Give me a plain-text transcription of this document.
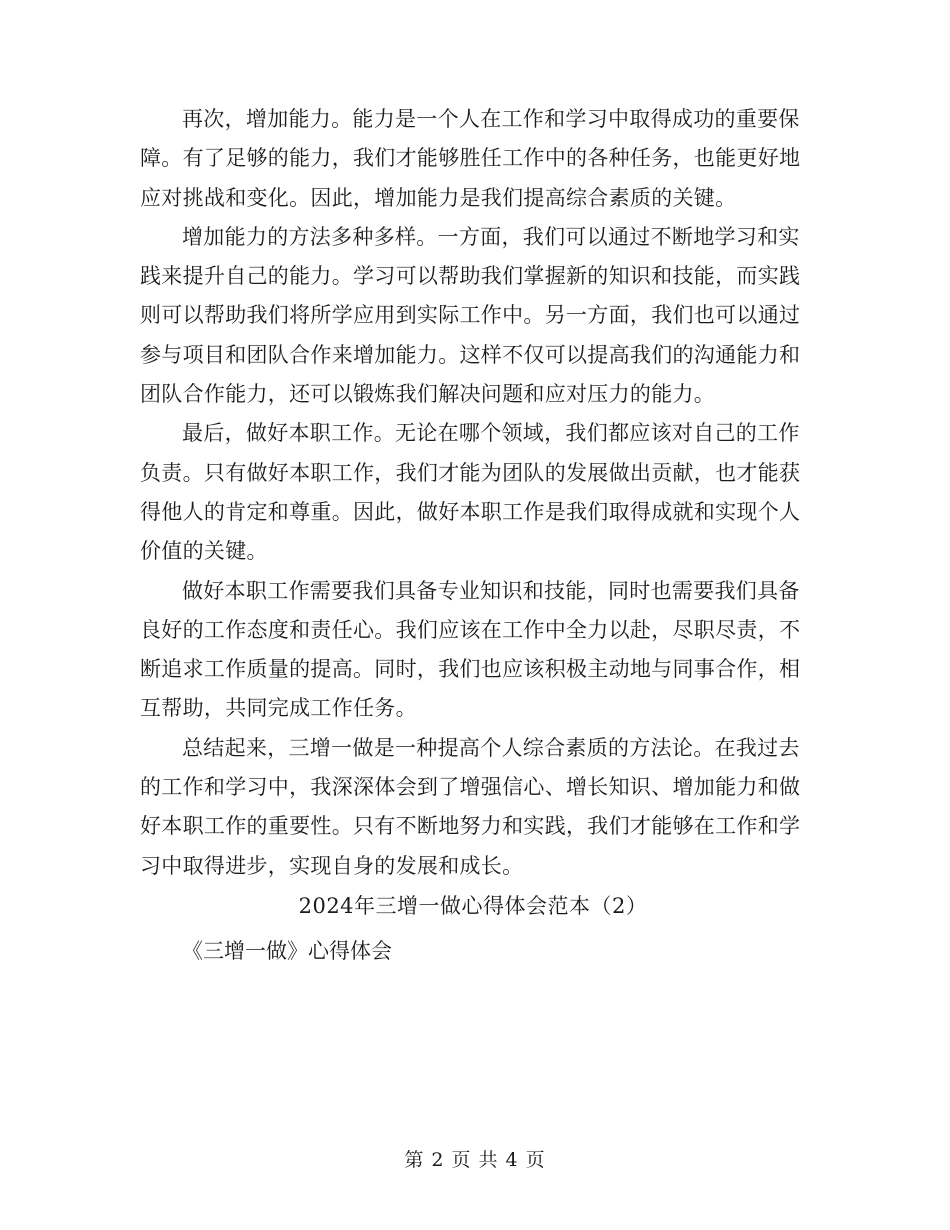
再次，增加能力。能力是一个人在工作和学习中取得成功的重要保障。有了足够的能力，我们才能够胜任工作中的各种任务，也能更好地应对挑战和变化。因此，增加能力是我们提高综合素质的关键。

增加能力的方法多种多样。一方面，我们可以通过不断地学习和实践来提升自己的能力。学习可以帮助我们掌握新的知识和技能，而实践则可以帮助我们将所学应用到实际工作中。另一方面，我们也可以通过参与项目和团队合作来增加能力。这样不仅可以提高我们的沟通能力和团队合作能力，还可以锻炼我们解决问题和应对压力的能力。

最后，做好本职工作。无论在哪个领域，我们都应该对自己的工作负责。只有做好本职工作，我们才能为团队的发展做出贡献，也才能获得他人的肯定和尊重。因此，做好本职工作是我们取得成就和实现个人价值的关键。

做好本职工作需要我们具备专业知识和技能，同时也需要我们具备良好的工作态度和责任心。我们应该在工作中全力以赴，尽职尽责，不断追求工作质量的提高。同时，我们也应该积极主动地与同事合作，相互帮助，共同完成工作任务。

总结起来，三增一做是一种提高个人综合素质的方法论。在我过去的工作和学习中，我深深体会到了增强信心、增长知识、增加能力和做好本职工作的重要性。只有不断地努力和实践，我们才能够在工作和学习中取得进步，实现自身的发展和成长。

2024年三增一做心得体会范本（2）

《三增一做》心得体会

第 2 页 共 4 页
